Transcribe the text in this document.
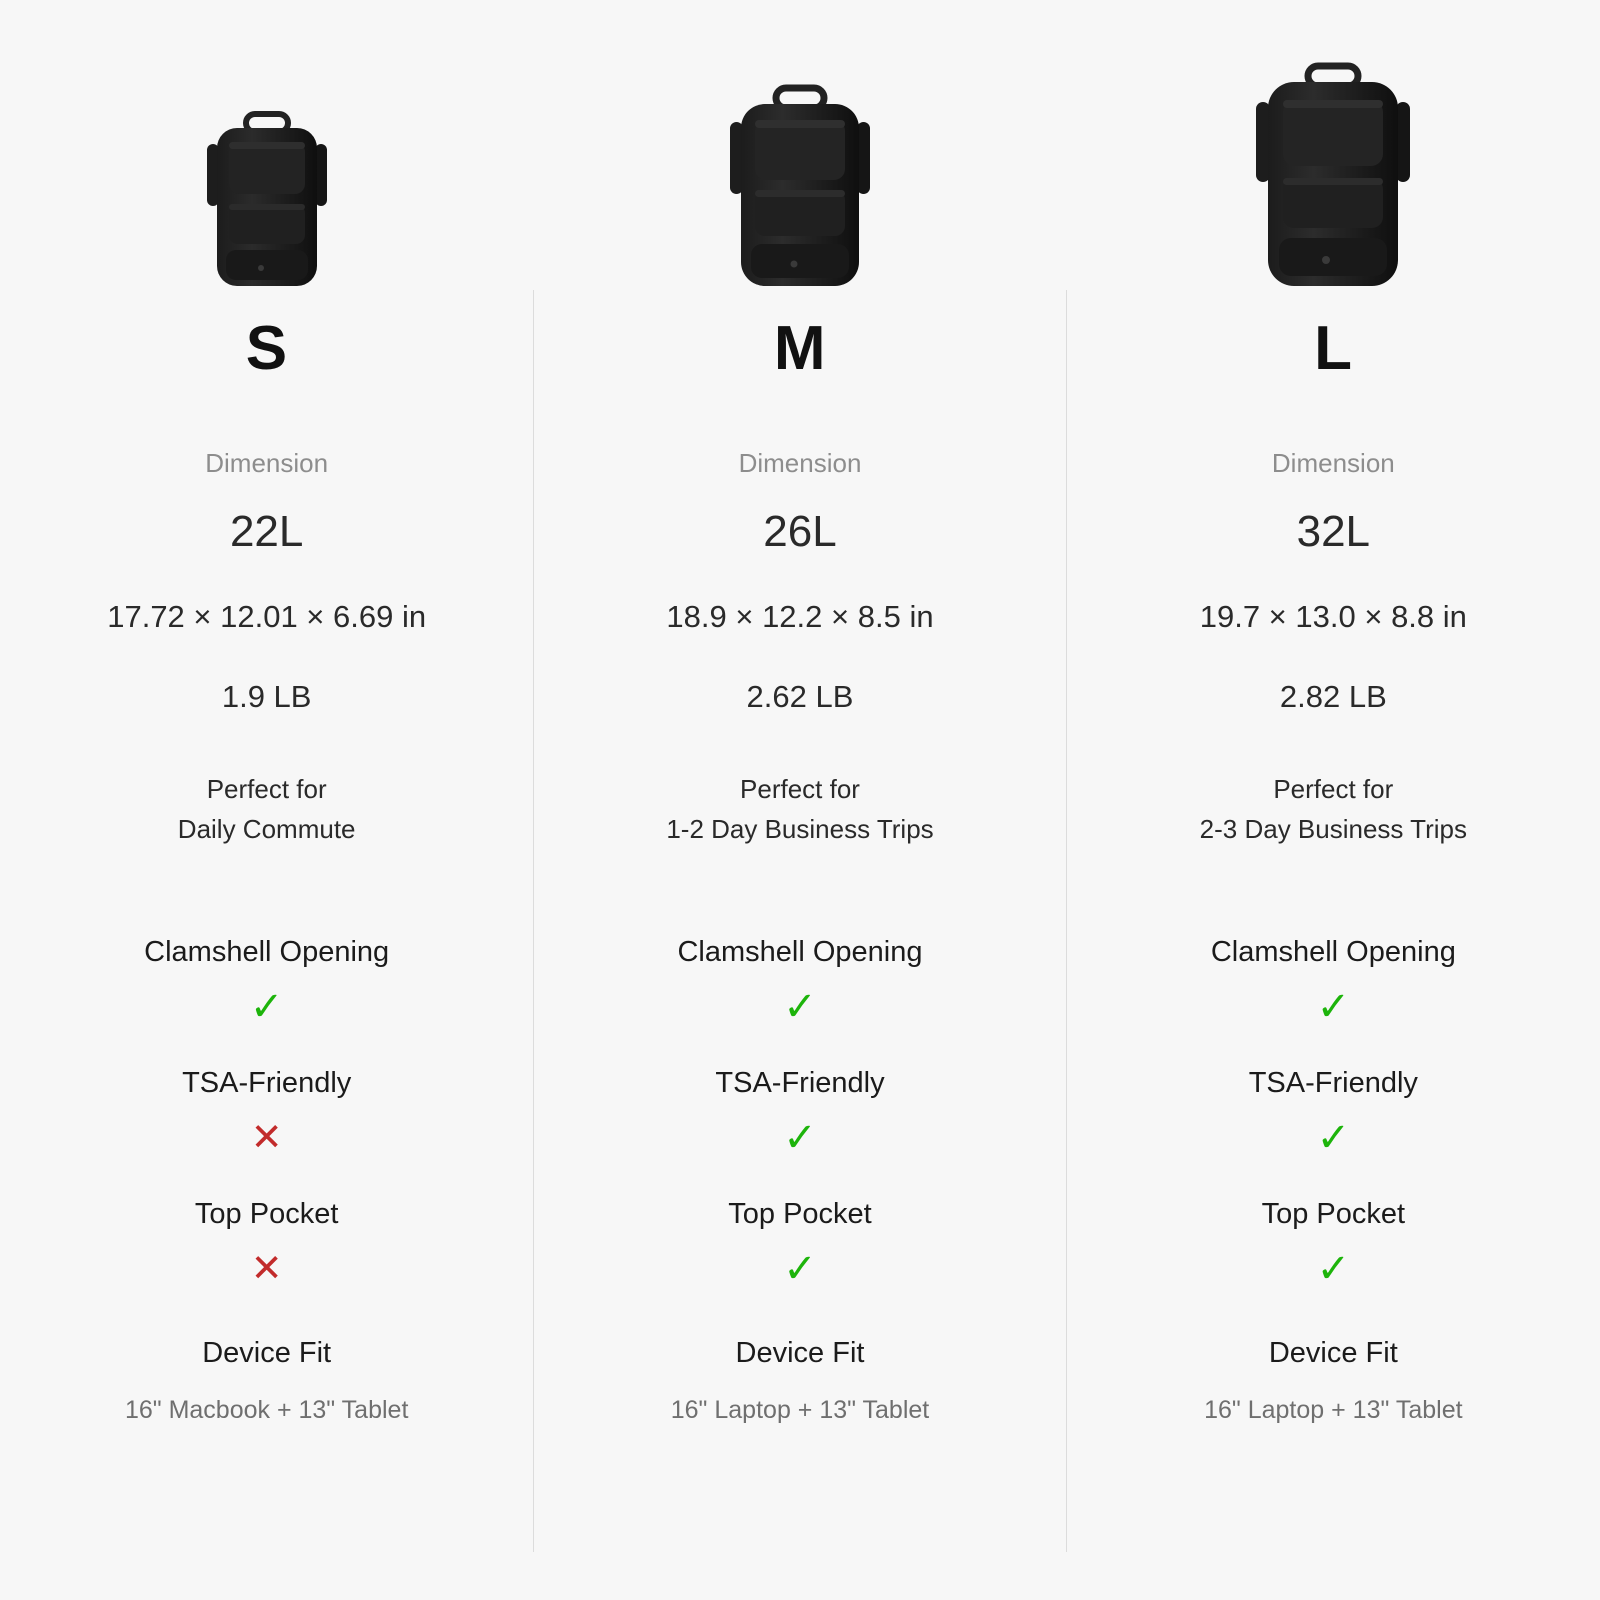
S
Dimension
22L
17.72 × 12.01 × 6.69 in
1.9 LB
Perfect for
Daily Commute
Clamshell Opening
✓
TSA-Friendly
✕
Top Pocket
✕
Device Fit
16" Macbook + 13" Tablet
M
Dimension
26L
18.9 × 12.2 × 8.5 in
2.62 LB
Perfect for
1-2 Day Business Trips
Clamshell Opening
✓
TSA-Friendly
✓
Top Pocket
✓
Device Fit
16" Laptop + 13" Tablet
L
Dimension
32L
19.7 × 13.0 × 8.8 in
2.82 LB
Perfect for
2-3 Day Business Trips
Clamshell Opening
✓
TSA-Friendly
✓
Top Pocket
✓
Device Fit
16" Laptop + 13" Tablet
